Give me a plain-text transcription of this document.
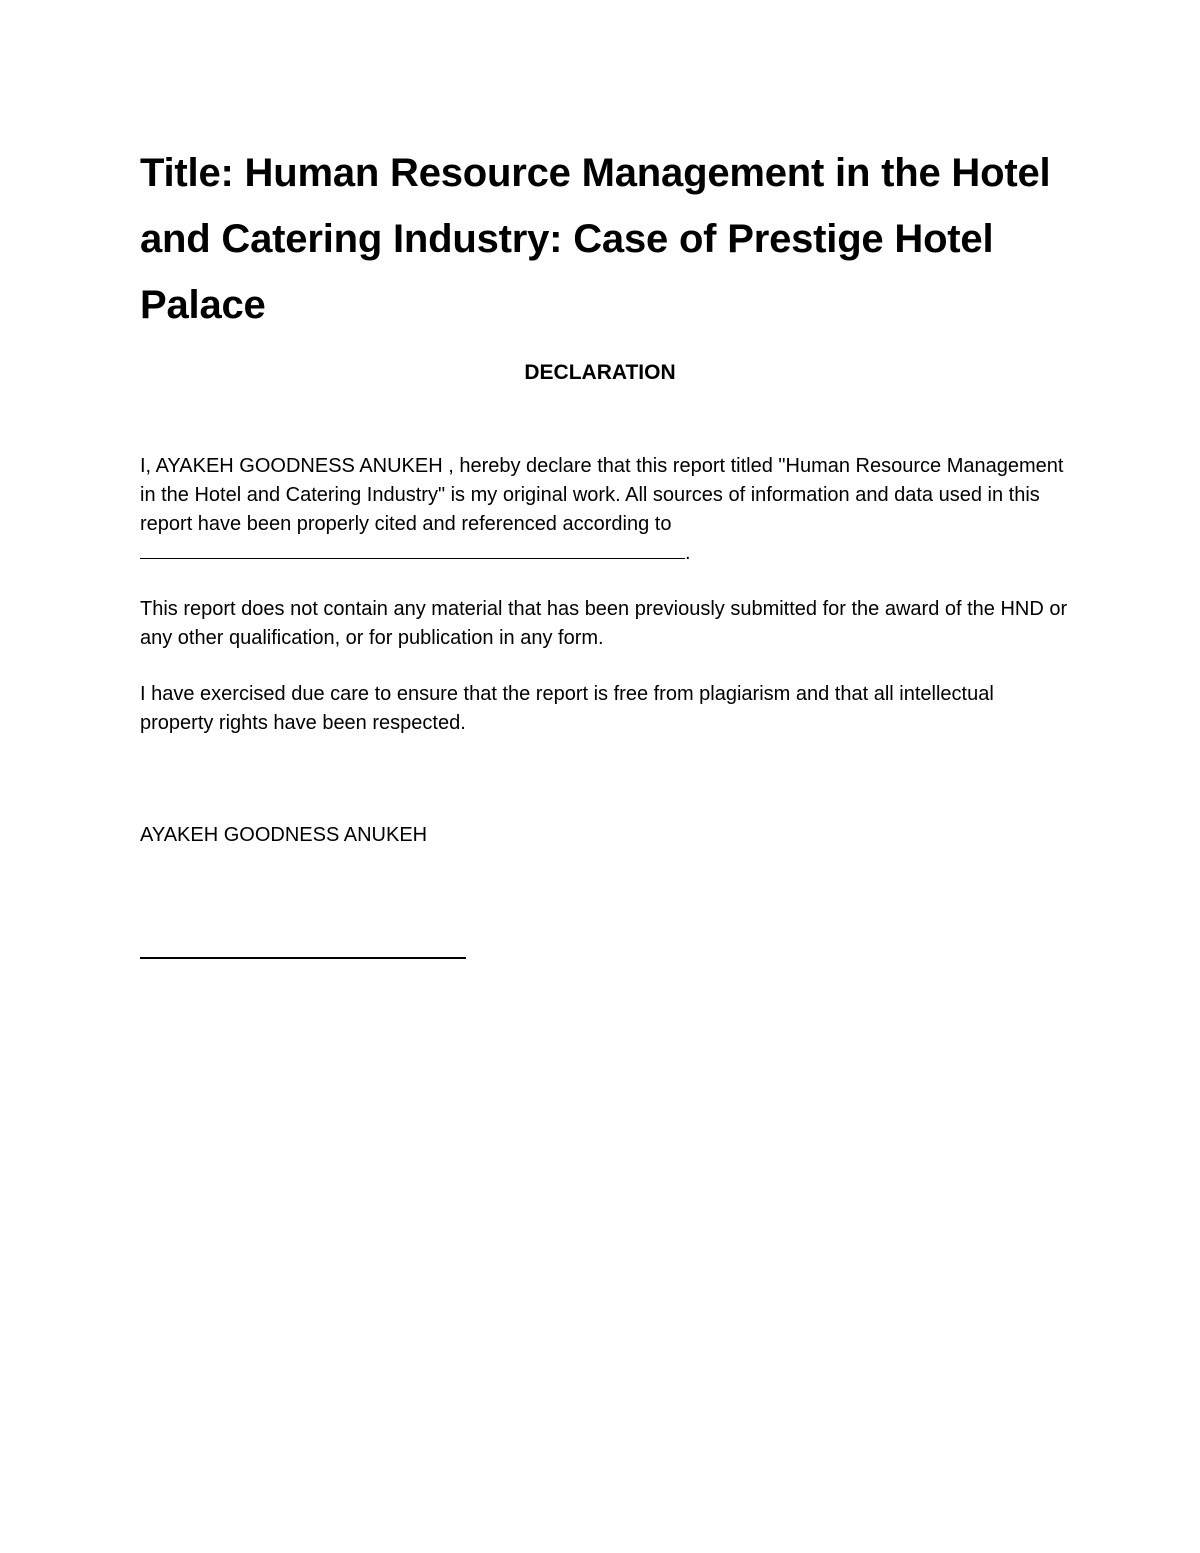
Title: Human Resource Management in the Hotel and Catering Industry: Case of Prestige Hotel Palace
DECLARATION

I, AYAKEH GOODNESS ANUKEH , hereby declare that this report titled "Human Resource Management in the Hotel and Catering Industry" is my original work. All sources of information and data used in this report have been properly cited and referenced according to.

This report does not contain any material that has been previously submitted for the award of the HND or any other qualification, or for publication in any form.

I have exercised due care to ensure that the report is free from plagiarism and that all intellectual property rights have been respected.

AYAKEH GOODNESS ANUKEH
